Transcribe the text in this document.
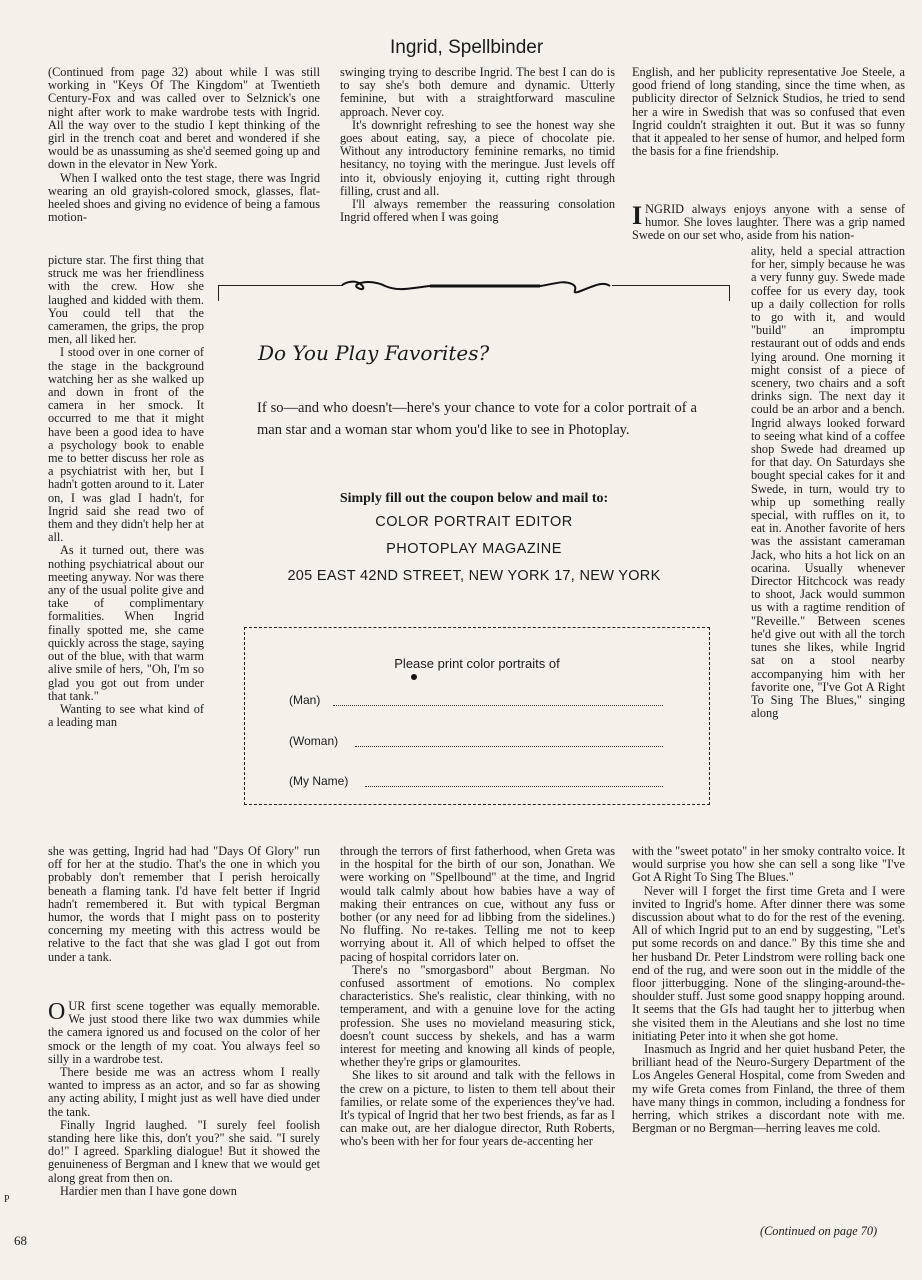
Ingrid, Spellbinder

(Continued from page 32) about while I was still working in "Keys Of The Kingdom" at Twentieth Century-Fox and was called over to Selznick's one night after work to make wardrobe tests with Ingrid. All the way over to the studio I kept thinking of the girl in the trench coat and beret and wondered if she would be as unassuming as she'd seemed going up and down in the elevator in New York.

When I walked onto the test stage, there was Ingrid wearing an old grayish-colored smock, glasses, flat-heeled shoes and giving no evidence of being a famous motion-

picture star. The first thing that struck me was her friendliness with the crew. How she laughed and kidded with them. You could tell that the cameramen, the grips, the prop men, all liked her.

I stood over in one corner of the stage in the background watching her as she walked up and down in front of the camera in her smock. It occurred to me that it might have been a good idea to have a psychology book to enable me to better discuss her role as a psychiatrist with her, but I hadn't gotten around to it. Later on, I was glad I hadn't, for Ingrid said she read two of them and they didn't help her at all.

As it turned out, there was nothing psychiatrical about our meeting anyway. Nor was there any of the usual polite give and take of complimentary formalities. When Ingrid finally spotted me, she came quickly across the stage, saying out of the blue, with that warm alive smile of hers, "Oh, I'm so glad you got out from under that tank."

Wanting to see what kind of a leading man

she was getting, Ingrid had had "Days Of Glory" run off for her at the studio. That's the one in which you probably don't remember that I perish heroically beneath a flaming tank. I'd have felt better if Ingrid hadn't remembered it. But with typical Bergman humor, the words that I might pass on to posterity concerning my meeting with this actress would be relative to the fact that she was glad I got out from under a tank.

OUR first scene together was equally memorable. We just stood there like two wax dummies while the camera ignored us and focused on the color of her smock or the length of my coat. You always feel so silly in a wardrobe test.

There beside me was an actress whom I really wanted to impress as an actor, and so far as showing any acting ability, I might just as well have died under the tank.

Finally Ingrid laughed. "I surely feel foolish standing here like this, don't you?" she said. "I surely do!" I agreed. Sparkling dialogue! But it showed the genuineness of Bergman and I knew that we would get along great from then on.

Hardier men than I have gone down

swinging trying to describe Ingrid. The best I can do is to say she's both demure and dynamic. Utterly feminine, but with a straightforward masculine approach. Never coy.

It's downright refreshing to see the honest way she goes about eating, say, a piece of chocolate pie. Without any introductory feminine remarks, no timid hesitancy, no toying with the meringue. Just levels off into it, obviously enjoying it, cutting right through filling, crust and all.

I'll always remember the reassuring consolation Ingrid offered when I was going

through the terrors of first fatherhood, when Greta was in the hospital for the birth of our son, Jonathan. We were working on "Spellbound" at the time, and Ingrid would talk calmly about how babies have a way of making their entrances on cue, without any fuss or bother (or any need for ad libbing from the sidelines.) No fluffing. No re-takes. Telling me not to keep worrying about it. All of which helped to offset the pacing of hospital corridors later on.

There's no "smorgasbord" about Bergman. No confused assortment of emotions. No complex characteristics. She's realistic, clear thinking, with no temperament, and with a genuine love for the acting profession. She uses no movieland measuring stick, doesn't count success by shekels, and has a warm interest for meeting and knowing all kinds of people, whether they're grips or glamourites.

She likes to sit around and talk with the fellows in the crew on a picture, to listen to them tell about their families, or relate some of the experiences they've had. It's typical of Ingrid that her two best friends, as far as I can make out, are her dialogue director, Ruth Roberts, who's been with her for four years de-accenting her

English, and her publicity representative Joe Steele, a good friend of long standing, since the time when, as publicity director of Selznick Studios, he tried to send her a wire in Swedish that was so confused that even Ingrid couldn't straighten it out. But it was so funny that it appealed to her sense of humor, and helped form the basis for a fine friendship.

INGRID always enjoys anyone with a sense of humor. She loves laughter. There was a grip named Swede on our set who, aside from his nation-

ality, held a special attraction for her, simply because he was a very funny guy. Swede made coffee for us every day, took up a daily collection for rolls to go with it, and would "build" an impromptu restaurant out of odds and ends lying around. One morning it might consist of a piece of scenery, two chairs and a soft drinks sign. The next day it could be an arbor and a bench. Ingrid always looked forward to seeing what kind of a coffee shop Swede had dreamed up for that day. On Saturdays she bought special cakes for it and Swede, in turn, would try to whip up something really special, with ruffles on it, to eat in. Another favorite of hers was the assistant cameraman Jack, who hits a hot lick on an ocarina. Usually whenever Director Hitchcock was ready to shoot, Jack would summon us with a ragtime rendition of "Reveille." Between scenes he'd give out with all the torch tunes she likes, while Ingrid sat on a stool nearby accompanying him with her favorite one, "I've Got A Right To Sing The Blues," singing along

with the "sweet potato" in her smoky contralto voice. It would surprise you how she can sell a song like "I've Got A Right To Sing The Blues."

Never will I forget the first time Greta and I were invited to Ingrid's home. After dinner there was some discussion about what to do for the rest of the evening. All of which Ingrid put to an end by suggesting, "Let's put some records on and dance." By this time she and her husband Dr. Peter Lindstrom were rolling back one end of the rug, and were soon out in the middle of the floor jitterbugging. None of the slinging-around-the-shoulder stuff. Just some good snappy hopping around. It seems that the GIs had taught her to jitterbug when she visited them in the Aleutians and she lost no time initiating Peter into it when she got home.

Inasmuch as Ingrid and her quiet husband Peter, the brilliant head of the Neuro-Surgery Department of the Los Angeles General Hospital, come from Sweden and my wife Greta comes from Finland, the three of them have many things in common, including a fondness for herring, which strikes a discordant note with me. Bergman or no Bergman—herring leaves me cold.

(Continued on page 70)
Do You Play Favorites?
If so—and who doesn't—here's your chance to vote for a color portrait of a man star and a woman star whom you'd like to see in Photoplay.
Simply fill out the coupon below and mail to:
COLOR PORTRAIT EDITOR
PHOTOPLAY MAGAZINE
205 EAST 42ND STREET, NEW YORK 17, NEW YORK
Please print color portraits of
(Man)
(Woman)
(My Name)
P
68
